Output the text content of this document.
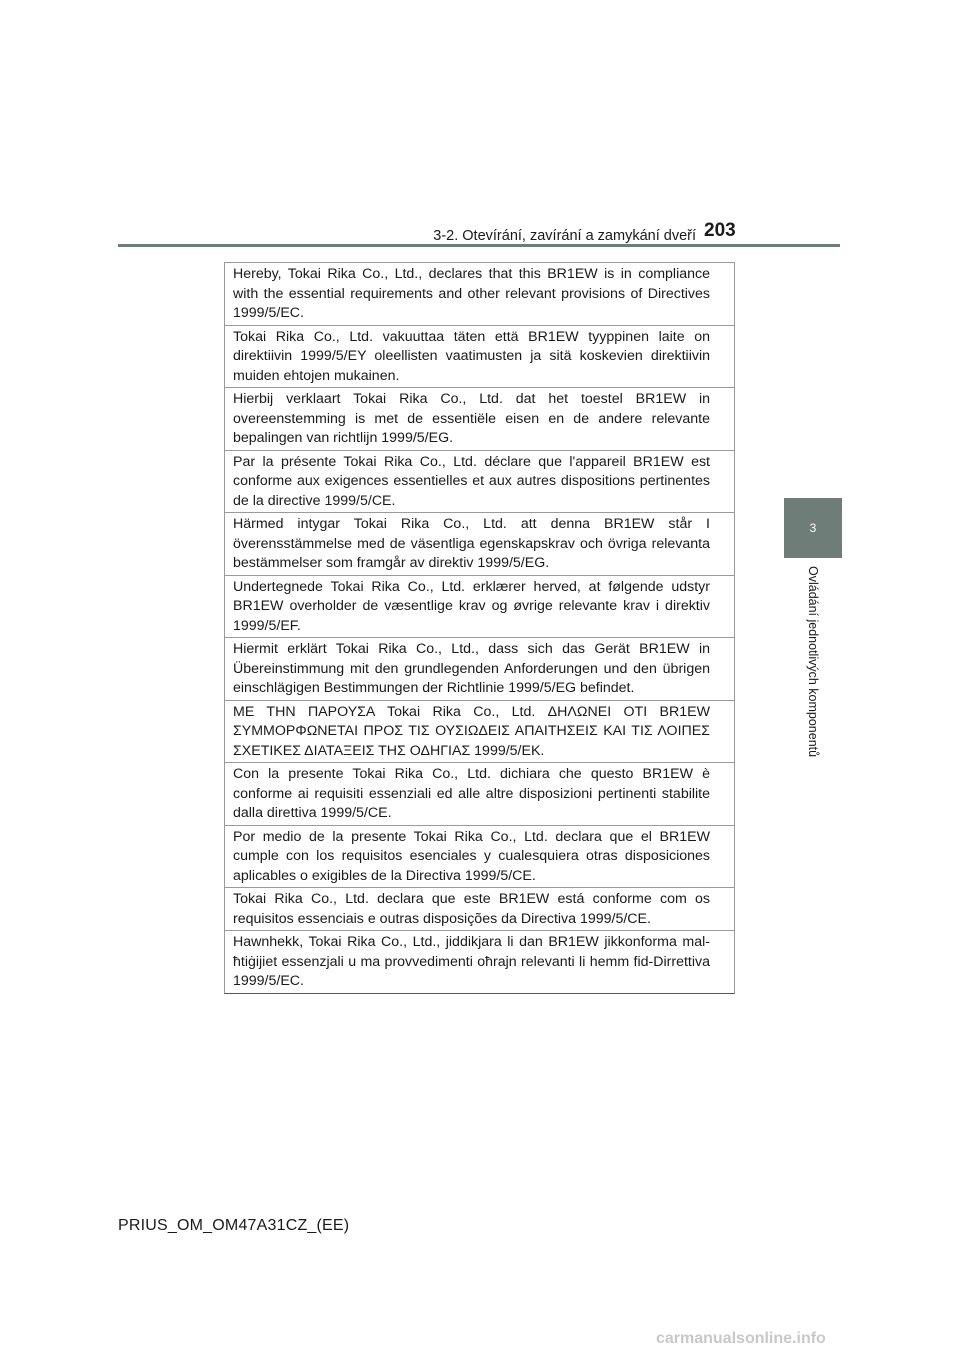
3-2. Otevírání, zavírání a zamykání dveří 203
3
Ovládání jednotlivých komponentů
Hereby, Tokai Rika Co., Ltd., declares that this BR1EW is in compliance with the essential requirements and other relevant provisions of Directives 1999/5/EC.
Tokai Rika Co., Ltd. vakuuttaa täten että BR1EW tyyppinen laite on direktiivin 1999/5/EY oleellisten vaatimusten ja sitä koskevien direktiivin muiden ehtojen mukainen.
Hierbij verklaart Tokai Rika Co., Ltd. dat het toestel BR1EW in overeenstemming is met de essentiële eisen en de andere relevante bepalingen van richtlijn 1999/5/EG.
Par la présente Tokai Rika Co., Ltd. déclare que l'appareil BR1EW est conforme aux exigences essentielles et aux autres dispositions pertinentes de la directive 1999/5/CE.
Härmed intygar Tokai Rika Co., Ltd. att denna BR1EW står I överensstämmelse med de väsentliga egenskapskrav och övriga relevanta bestämmelser som framgår av direktiv 1999/5/EG.
Undertegnede Tokai Rika Co., Ltd. erklærer herved, at følgende udstyr BR1EW overholder de væsentlige krav og øvrige relevante krav i direktiv 1999/5/EF.
Hiermit erklärt Tokai Rika Co., Ltd., dass sich das Gerät BR1EW in Übereinstimmung mit den grundlegenden Anforderungen und den übrigen einschlägigen Bestimmungen der Richtlinie 1999/5/EG befindet.
ΜΕ ΤΗΝ ΠΑΡΟΥΣΑ Tokai Rika Co., Ltd. ΔΗΛΩΝΕΙ ΟΤΙ BR1EW ΣΥΜΜΟΡΦΩΝΕΤΑΙ ΠΡΟΣ ΤΙΣ ΟΥΣΙΩΔΕΙΣ ΑΠΑΙΤΗΣΕΙΣ ΚΑΙ ΤΙΣ ΛΟΙΠΕΣ ΣΧΕΤΙΚΕΣ ΔΙΑΤΑΞΕΙΣ ΤΗΣ ΟΔΗΓΙΑΣ 1999/5/ΕΚ.
Con la presente Tokai Rika Co., Ltd. dichiara che questo BR1EW è conforme ai requisiti essenziali ed alle altre disposizioni pertinenti stabilite dalla direttiva 1999/5/CE.
Por medio de la presente Tokai Rika Co., Ltd. declara que el BR1EW cumple con los requisitos esenciales y cualesquiera otras disposiciones aplicables o exigibles de la Directiva 1999/5/CE.
Tokai Rika Co., Ltd. declara que este BR1EW está conforme com os requisitos essenciais e outras disposições da Directiva 1999/5/CE.
Hawnhekk, Tokai Rika Co., Ltd., jiddikjara li dan BR1EW jikkonforma mal-ħtiġijiet essenzjali u ma provvedimenti oħrajn relevanti li hemm fid-Dirrettiva 1999/5/EC.
PRIUS_OM_OM47A31CZ_(EE)
carmanualsonline.info
